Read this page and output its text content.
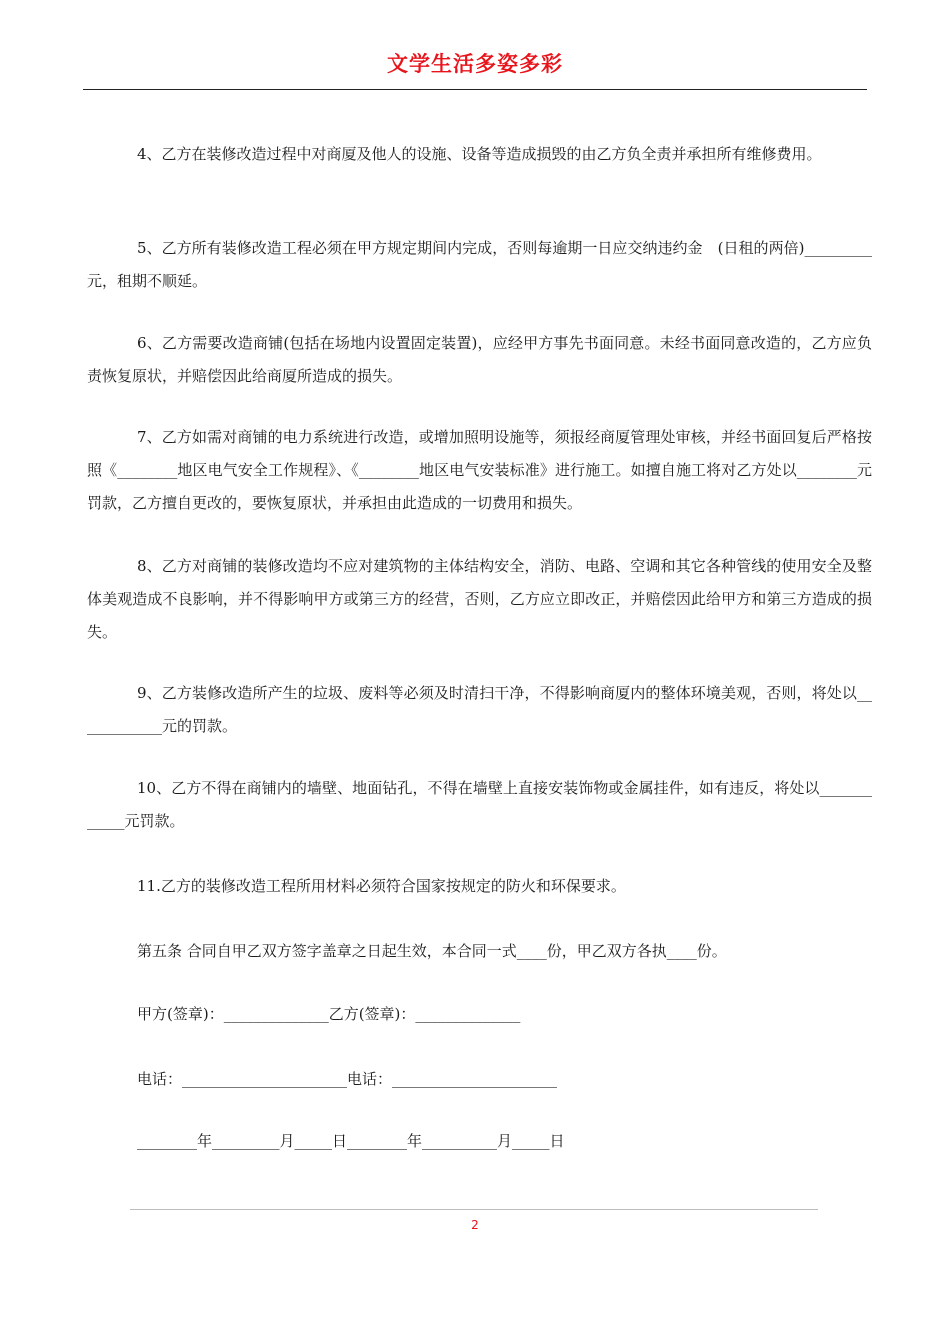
文学生活多姿多彩

4、乙方在装修改造过程中对商厦及他人的设施、设备等造成损毁的由乙方负全责并承担所有维修费用。

5、乙方所有装修改造工程必须在甲方规定期间内完成，否则每逾期一日应交纳违约金　(日租的两倍)_________元，租期不顺延。

6、乙方需要改造商铺(包括在场地内设置固定装置)，应经甲方事先书面同意。未经书面同意改造的，乙方应负责恢复原状，并赔偿因此给商厦所造成的损失。

7、乙方如需对商铺的电力系统进行改造，或增加照明设施等，须报经商厦管理处审核，并经书面回复后严格按照《________地区电气安全工作规程》、《________地区电气安装标准》进行施工。如擅自施工将对乙方处以________元罚款，乙方擅自更改的，要恢复原状，并承担由此造成的一切费用和损失。

8、乙方对商铺的装修改造均不应对建筑物的主体结构安全，消防、电路、空调和其它各种管线的使用安全及整体美观造成不良影响，并不得影响甲方或第三方的经营，否则，乙方应立即改正，并赔偿因此给甲方和第三方造成的损失。

9、乙方装修改造所产生的垃圾、废料等必须及时清扫干净，不得影响商厦内的整体环境美观，否则，将处以____________元的罚款。

10、乙方不得在商铺内的墙壁、地面钻孔，不得在墙壁上直接安装饰物或金属挂件，如有违反，将处以____________元罚款。

11.乙方的装修改造工程所用材料必须符合国家按规定的防火和环保要求。

第五条 合同自甲乙双方签字盖章之日起生效，本合同一式____份，甲乙双方各执____份。
甲方(签章)：______________乙方(签章)：______________
电话：______________________电话：______________________
________年_________月_____日________年__________月_____日
2
